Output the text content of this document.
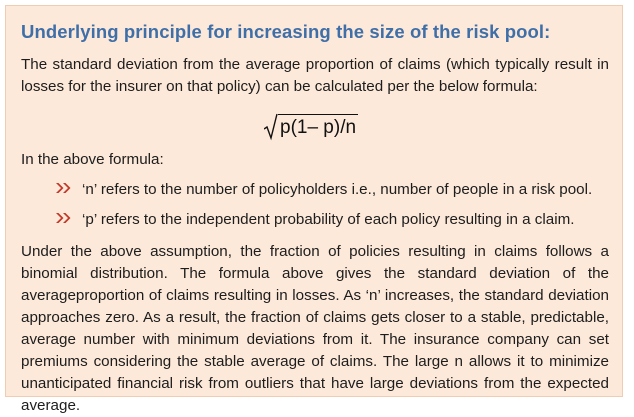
Underlying principle for increasing the size of the risk pool:

The standard deviation from the average proportion of claims (which typically result in losses for the insurer on that policy) can be calculated per the below formula:

p(1– p)/n
In the above formula:
‘n’ refers to the number of policyholders i.e., number of people in a risk pool.
‘p’ refers to the independent probability of each policy resulting in a claim.

Under the above assumption, the fraction of policies resulting in claims follows a binomial distribution. The formula above gives the standard deviation of the averageproportion of claims resulting in losses. As ‘n’ increases, the standard deviation approaches zero. As a result, the fraction of claims gets closer to a stable, predictable, average number with minimum deviations from it. The insurance company can set premiums considering the stable average of claims. The large n allows it to minimize unanticipated financial risk from outliers that have large deviations from the expected average.
